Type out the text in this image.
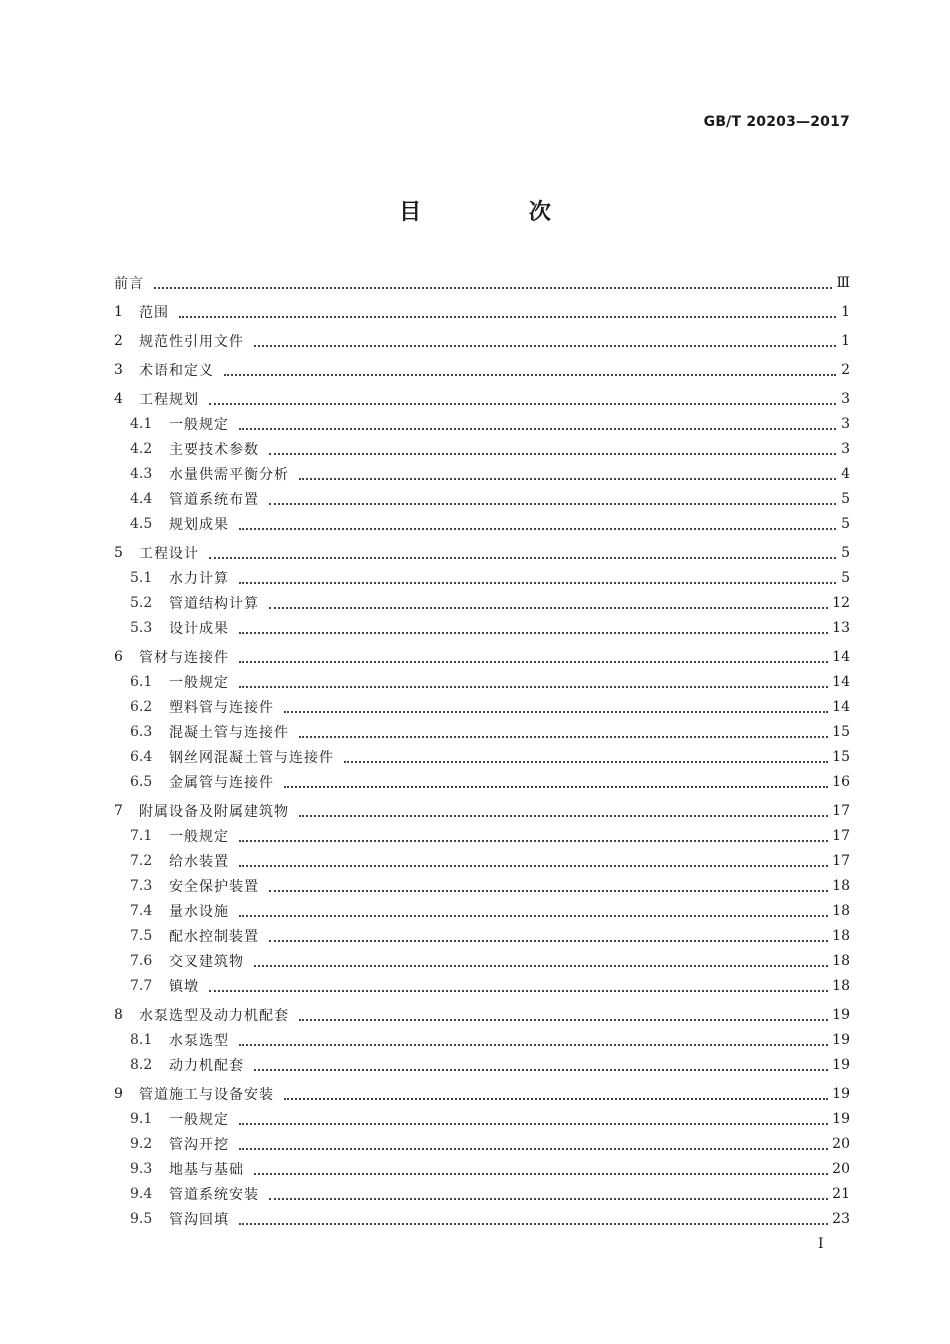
GB/T 20203—2017
目 次
前言	Ⅲ
1	范围	1
2	规范性引用文件	1
3	术语和定义	2
4	工程规划	3
4.1	一般规定	3
4.2	主要技术参数	3
4.3	水量供需平衡分析	4
4.4	管道系统布置	5
4.5	规划成果	5
5	工程设计	5
5.1	水力计算	5
5.2	管道结构计算	12
5.3	设计成果	13
6	管材与连接件	14
6.1	一般规定	14
6.2	塑料管与连接件	14
6.3	混凝土管与连接件	15
6.4	钢丝网混凝土管与连接件	15
6.5	金属管与连接件	16
7	附属设备及附属建筑物	17
7.1	一般规定	17
7.2	给水装置	17
7.3	安全保护装置	18
7.4	量水设施	18
7.5	配水控制装置	18
7.6	交叉建筑物	18
7.7	镇墩	18
8	水泵选型及动力机配套	19
8.1	水泵选型	19
8.2	动力机配套	19
9	管道施工与设备安装	19
9.1	一般规定	19
9.2	管沟开挖	20
9.3	地基与基础	20
9.4	管道系统安装	21
9.5	管沟回填	23
I
